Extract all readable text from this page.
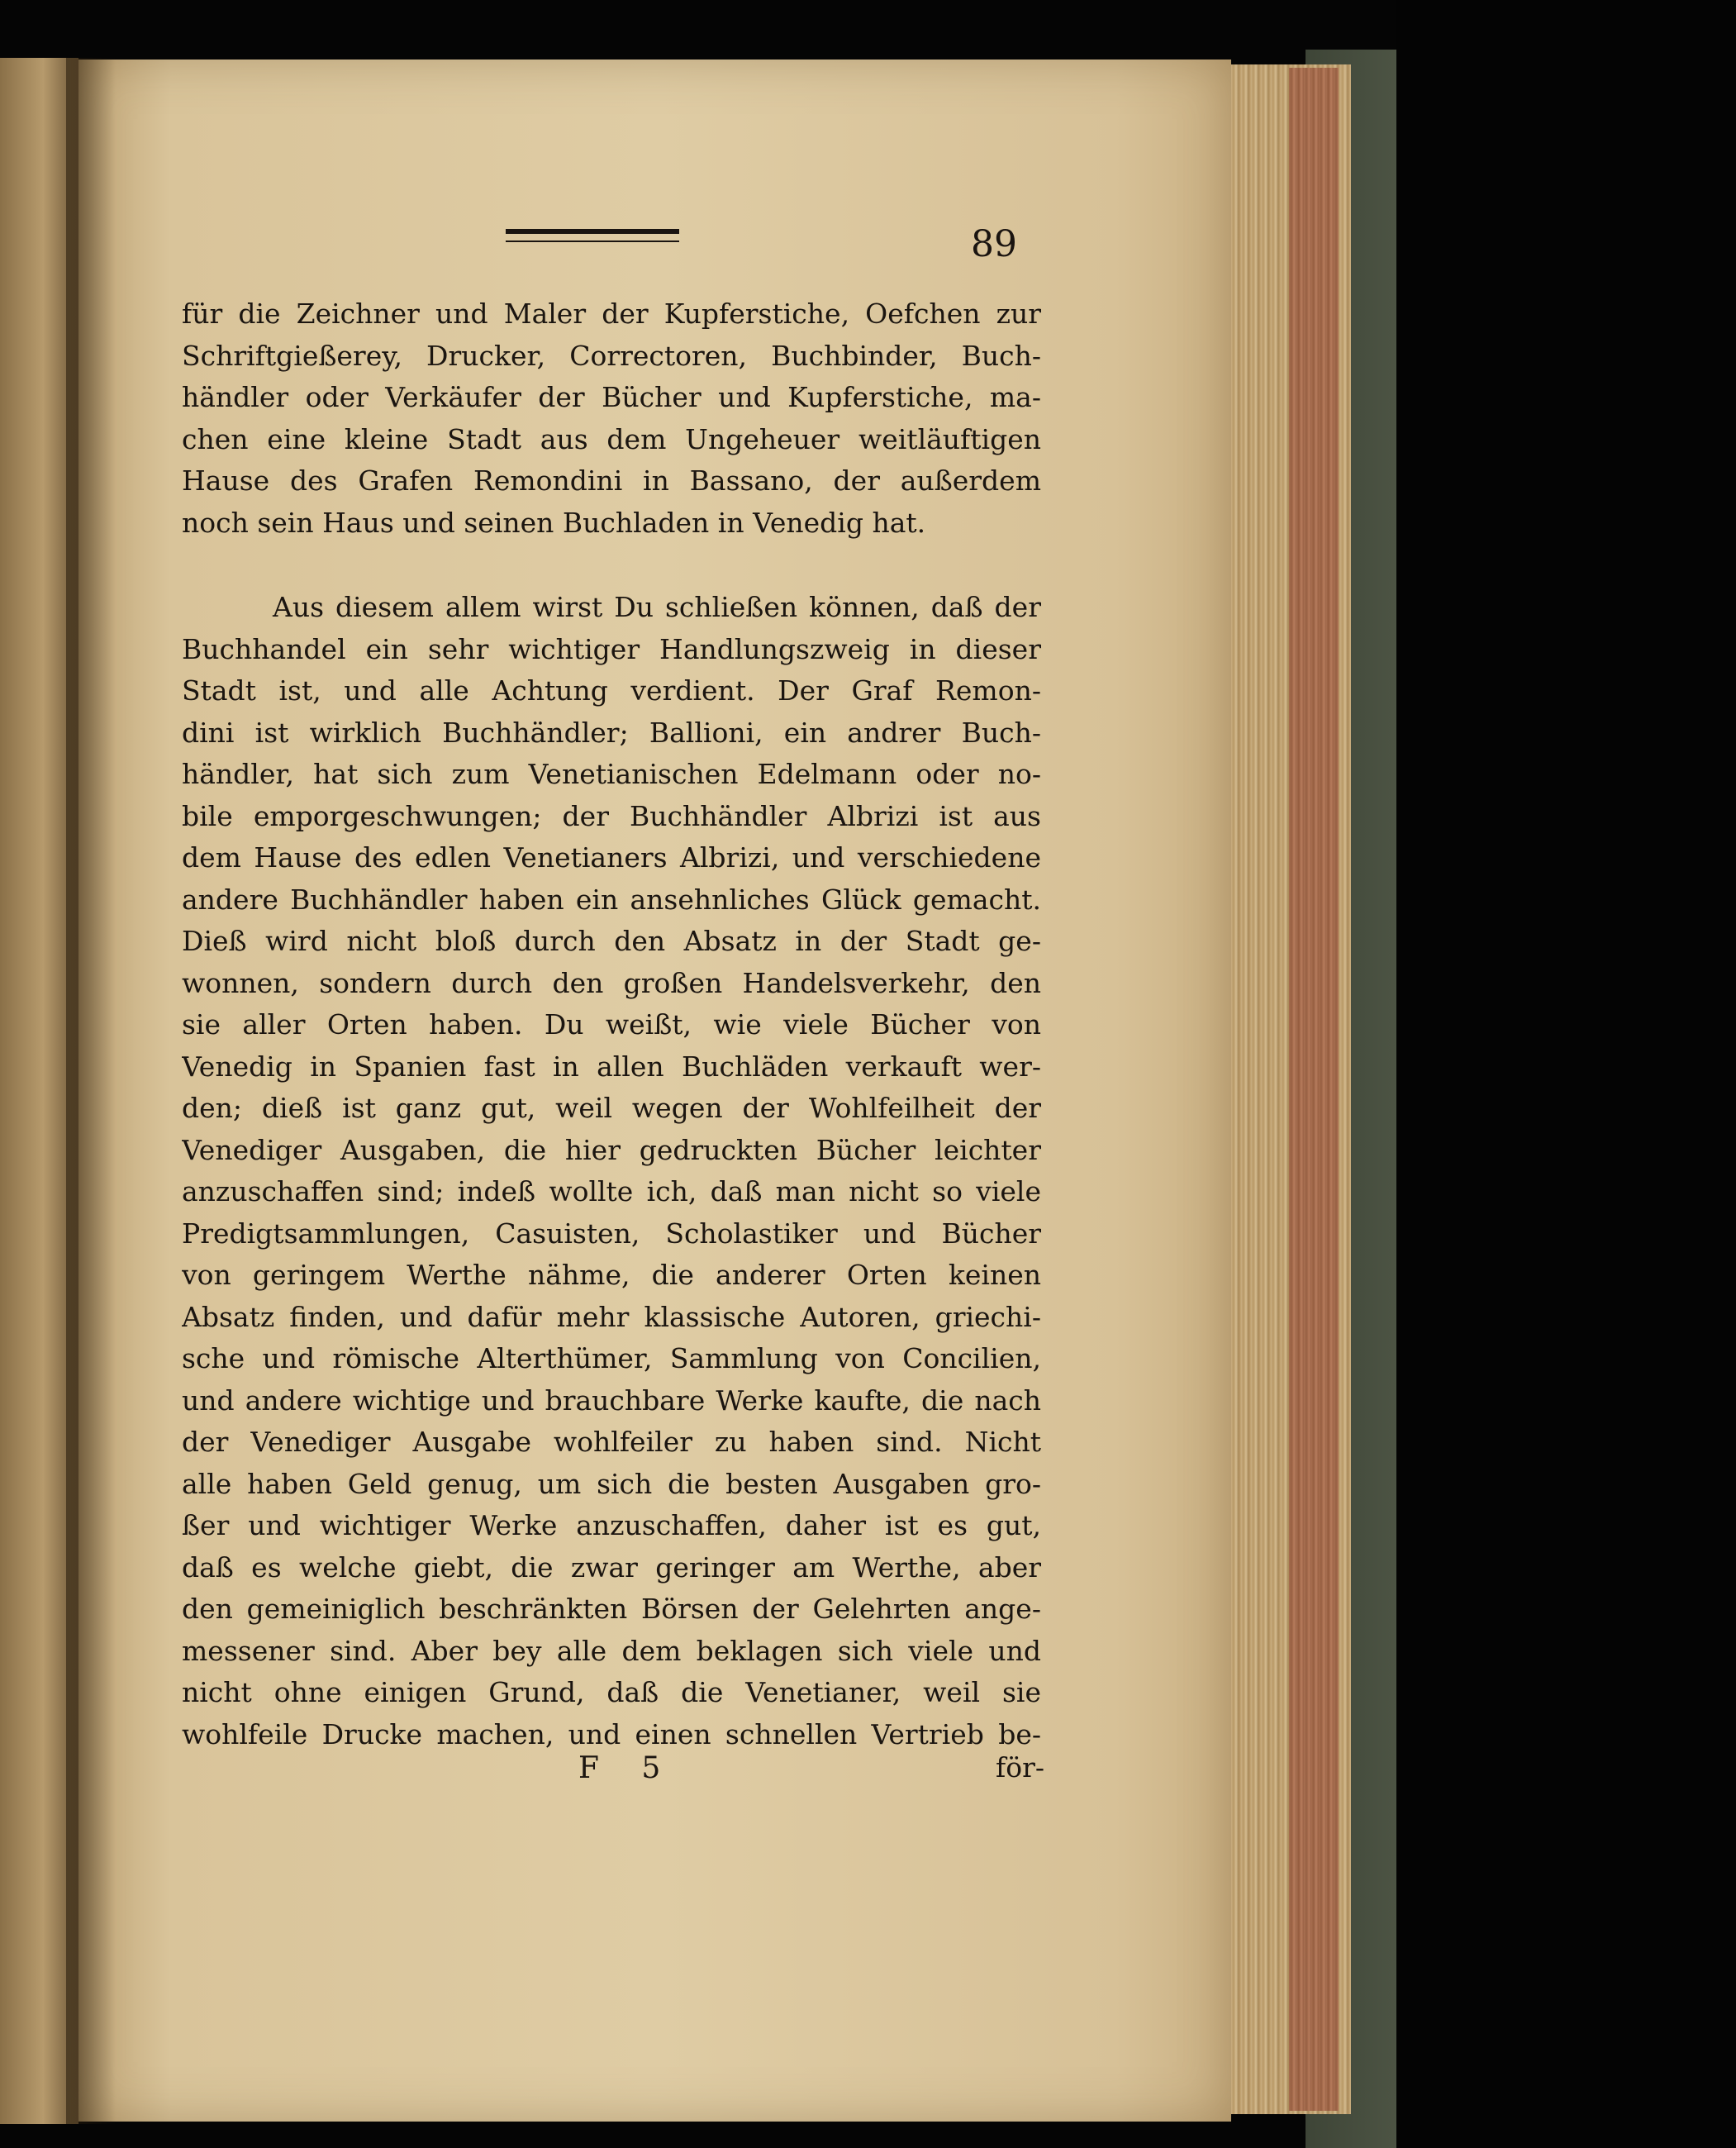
89
für die Zeichner und Maler der Kupferstiche, Oefchen zur
Schriftgießerey, Drucker, Correctoren, Buchbinder, Buch-
händler oder Verkäufer der Bücher und Kupferstiche, ma-
chen eine kleine Stadt aus dem Ungeheuer weitläuftigen
Hause des Grafen Remondini in Bassano, der außerdem
noch sein Haus und seinen Buchladen in Venedig hat.
Aus diesem allem wirst Du schließen können, daß der
Buchhandel ein sehr wichtiger Handlungszweig in dieser
Stadt ist, und alle Achtung verdient. Der Graf Remon-
dini ist wirklich Buchhändler; Ballioni, ein andrer Buch-
händler, hat sich zum Venetianischen Edelmann oder no-
bile emporgeschwungen; der Buchhändler Albrizi ist aus
dem Hause des edlen Venetianers Albrizi, und verschiedene
andere Buchhändler haben ein ansehnliches Glück gemacht.
Dieß wird nicht bloß durch den Absatz in der Stadt ge-
wonnen, sondern durch den großen Handelsverkehr, den
sie aller Orten haben. Du weißt, wie viele Bücher von
Venedig in Spanien fast in allen Buchläden verkauft wer-
den; dieß ist ganz gut, weil wegen der Wohlfeilheit der
Venediger Ausgaben, die hier gedruckten Bücher leichter
anzuschaffen sind; indeß wollte ich, daß man nicht so viele
Predigtsammlungen, Casuisten, Scholastiker und Bücher
von geringem Werthe nähme, die anderer Orten keinen
Absatz finden, und dafür mehr klassische Autoren, griechi-
sche und römische Alterthümer, Sammlung von Concilien,
und andere wichtige und brauchbare Werke kaufte, die nach
der Venediger Ausgabe wohlfeiler zu haben sind. Nicht
alle haben Geld genug, um sich die besten Ausgaben gro-
ßer und wichtiger Werke anzuschaffen, daher ist es gut,
daß es welche giebt, die zwar geringer am Werthe, aber
den gemeiniglich beschränkten Börsen der Gelehrten ange-
messener sind. Aber bey alle dem beklagen sich viele und
nicht ohne einigen Grund, daß die Venetianer, weil sie
wohlfeile Drucke machen, und einen schnellen Vertrieb be-
F 5	för-
